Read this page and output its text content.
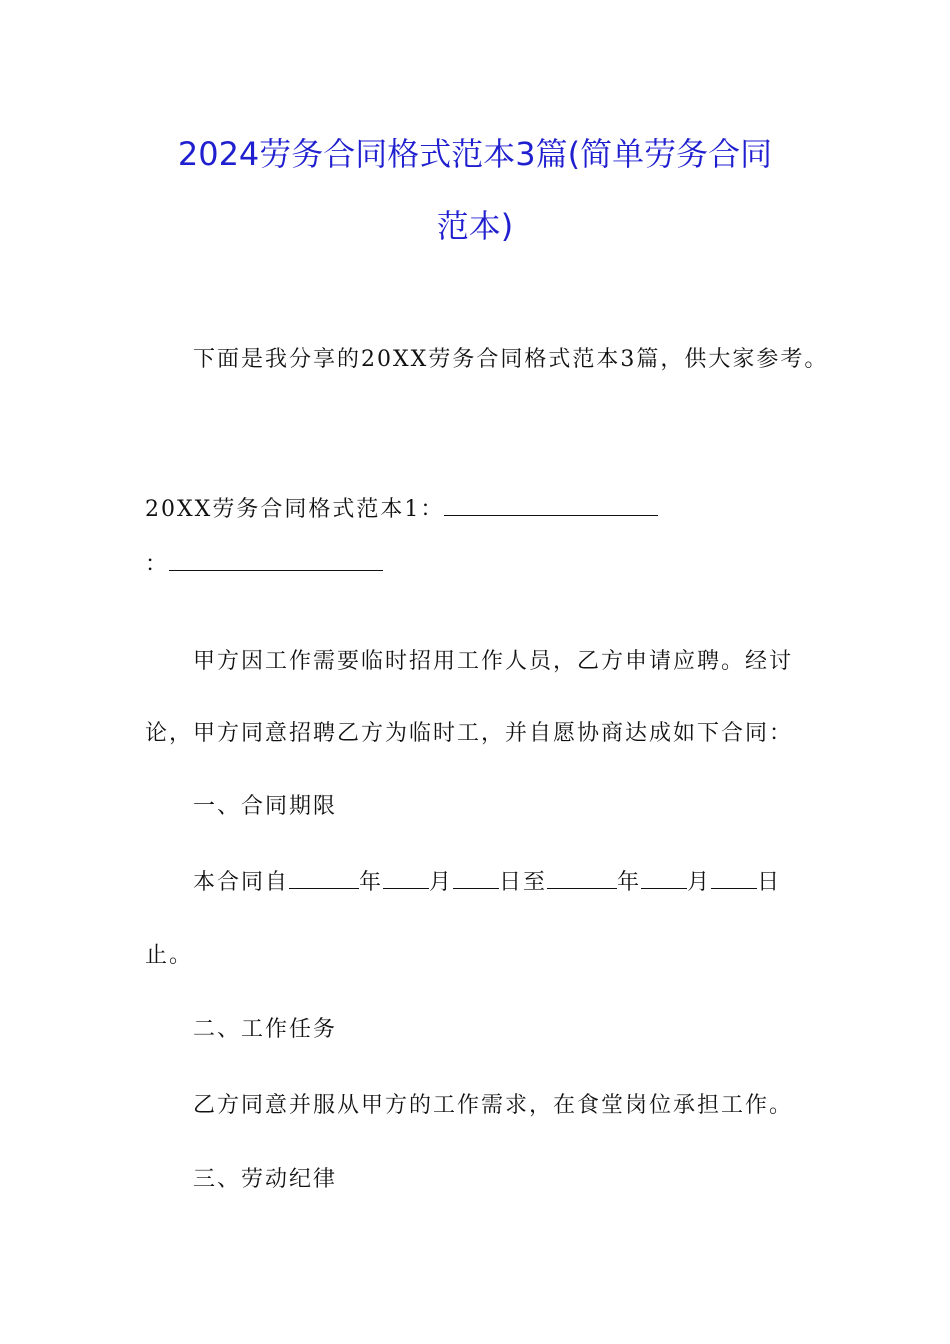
2024劳务合同格式范本3篇(简单劳务合同
范本)
下面是我分享的20XX劳务合同格式范本3篇，供大家参考。
20XX劳务合同格式范本1：
：
甲方因工作需要临时招用工作人员，乙方申请应聘。经讨
论，甲方同意招聘乙方为临时工，并自愿协商达成如下合同：
一、合同期限
本合同自	年 月 日至	年 月 日
止。
二、工作任务
乙方同意并服从甲方的工作需求，在食堂岗位承担工作。
三、劳动纪律
